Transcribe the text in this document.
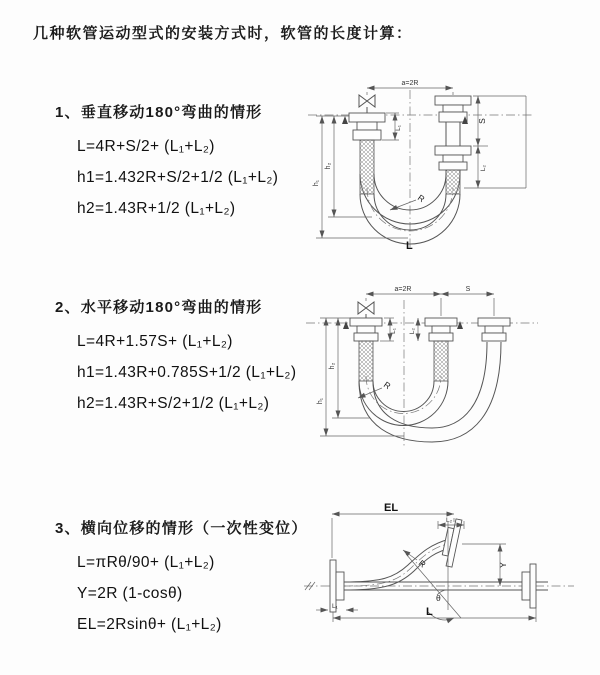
几种软管运动型式的安装方式时，软管的长度计算：
1、垂直移动180°弯曲的情形
L=4R+S/2+ (L₁+L₂)
h1=1.432R+S/2+1/2 (L₁+L₂)
h2=1.43R+1/2 (L₁+L₂)
2、水平移动180°弯曲的情形
L=4R+1.57S+ (L₁+L₂)
h1=1.43R+0.785S+1/2 (L₁+L₂)
h2=1.43R+S/2+1/2 (L₁+L₂)
3、横向位移的情形（一次性变位）
L=πRθ/90+ (L₁+L₂)
Y=2R (1-cosθ)
EL=2Rsinθ+ (L₁+L₂)
a=2R
L₁
S
L₂
h₁
h₂
R
L
a=2R	S
L₁ L₂
h₁
h₂
R
EL
L₂
Y
θ
R
L₁	L
